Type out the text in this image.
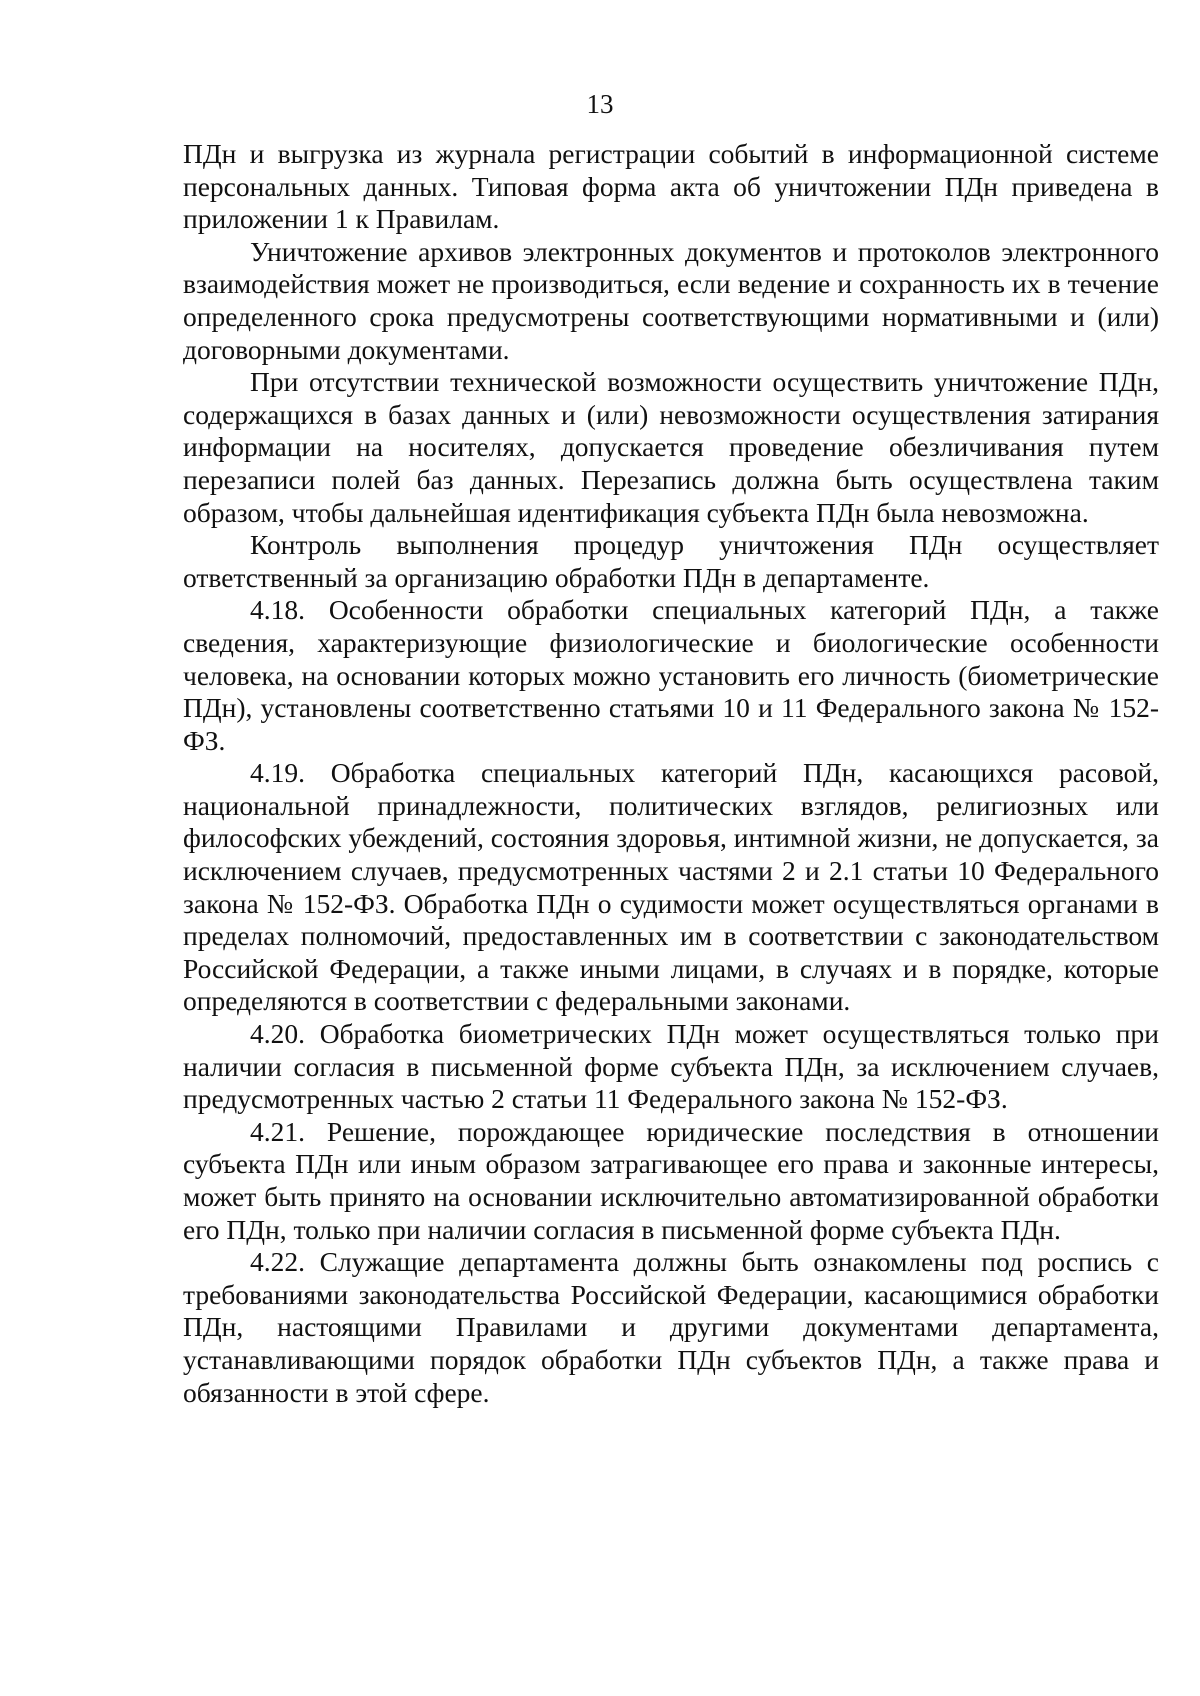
13

ПДн и выгрузка из журнала регистрации событий в информационной системе персональных данных. Типовая форма акта об уничтожении ПДн приведена в приложении 1 к Правилам.

Уничтожение архивов электронных документов и протоколов электронного взаимодействия может не производиться, если ведение и сохранность их в течение определенного срока предусмотрены соответствующими нормативными и (или) договорными документами.

При отсутствии технической возможности осуществить уничтожение ПДн, содержащихся в базах данных и (или) невозможности осуществления затирания информации на носителях, допускается проведение обезличивания путем перезаписи полей баз данных. Перезапись должна быть осуществлена таким образом, чтобы дальнейшая идентификация субъекта ПДн была невозможна.

Контроль выполнения процедур уничтожения ПДн осуществляет ответственный за организацию обработки ПДн в департаменте.

4.18. Особенности обработки специальных категорий ПДн, а также сведения, характеризующие физиологические и биологические особенности человека, на основании которых можно установить его личность (биометрические ПДн), установлены соответственно статьями 10 и 11 Федерального закона № 152-ФЗ.

4.19. Обработка специальных категорий ПДн, касающихся расовой, национальной принадлежности, политических взглядов, религиозных или философских убеждений, состояния здоровья, интимной жизни, не допускается, за исключением случаев, предусмотренных частями 2 и 2.1 статьи 10 Федерального закона № 152-ФЗ. Обработка ПДн о судимости может осуществляться органами в пределах полномочий, предоставленных им в соответствии с законодательством Российской Федерации, а также иными лицами, в случаях и в порядке, которые определяются в соответствии с федеральными законами.

4.20. Обработка биометрических ПДн может осуществляться только при наличии согласия в письменной форме субъекта ПДн, за исключением случаев, предусмотренных частью 2 статьи 11 Федерального закона № 152-ФЗ.

4.21. Решение, порождающее юридические последствия в отношении субъекта ПДн или иным образом затрагивающее его права и законные интересы, может быть принято на основании исключительно автоматизированной обработки его ПДн, только при наличии согласия в письменной форме субъекта ПДн.

4.22. Служащие департамента должны быть ознакомлены под роспись с требованиями законодательства Российской Федерации, касающимися обработки ПДн, настоящими Правилами и другими документами департамента, устанавливающими порядок обработки ПДн субъектов ПДн, а также права и обязанности в этой сфере.
